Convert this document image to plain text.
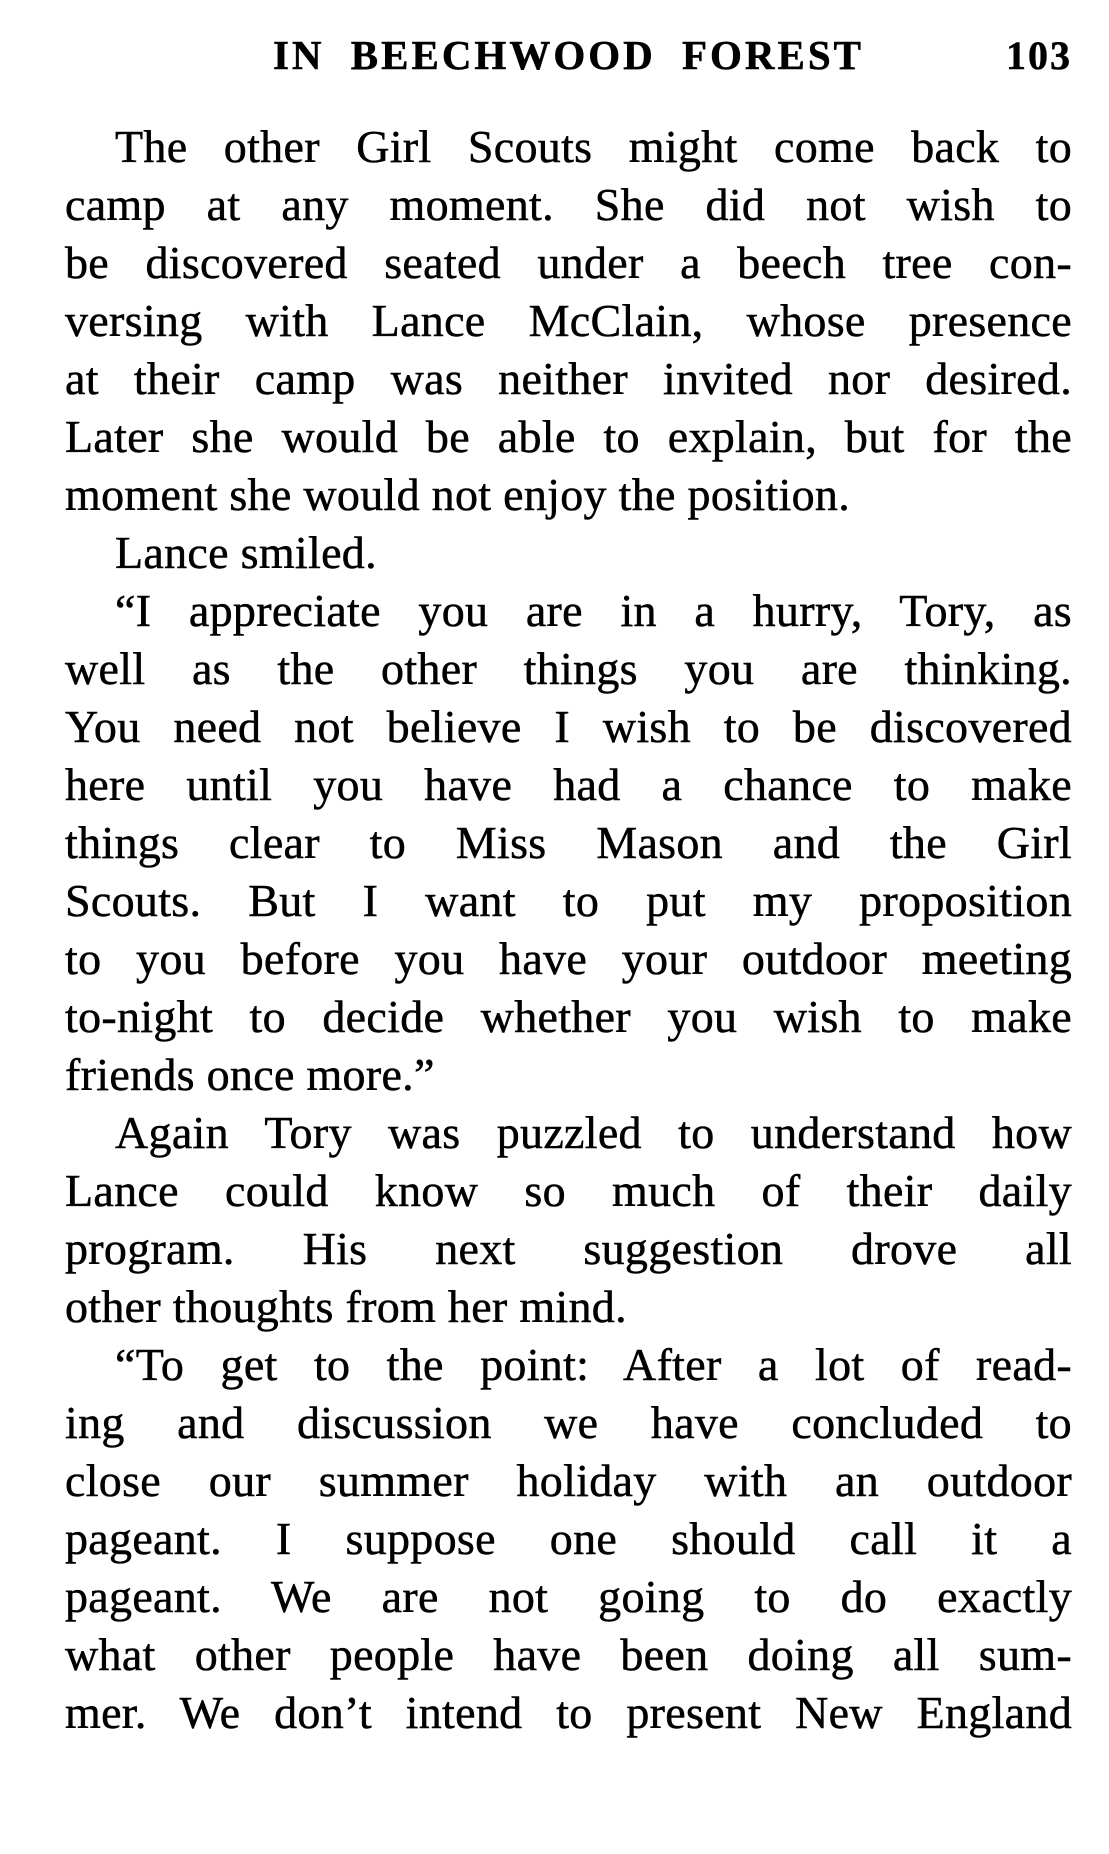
IN BEECHWOOD FOREST	103
The other Girl Scouts might come back to
camp at any moment. She did not wish to
be discovered seated under a beech tree con-
versing with Lance McClain, whose presence
at their camp was neither invited nor desired.
Later she would be able to explain, but for the
moment she would not enjoy the position.
Lance smiled.
“I appreciate you are in a hurry, Tory, as
well as the other things you are thinking.
You need not believe I wish to be discovered
here until you have had a chance to make
things clear to Miss Mason and the Girl
Scouts. But I want to put my proposition
to you before you have your outdoor meeting
to-night to decide whether you wish to make
friends once more.”
Again Tory was puzzled to understand how
Lance could know so much of their daily
program. His next suggestion drove all
other thoughts from her mind.
“To get to the point: After a lot of read-
ing and discussion we have concluded to
close our summer holiday with an outdoor
pageant. I suppose one should call it a
pageant. We are not going to do exactly
what other people have been doing all sum-
mer. We don’t intend to present New England
